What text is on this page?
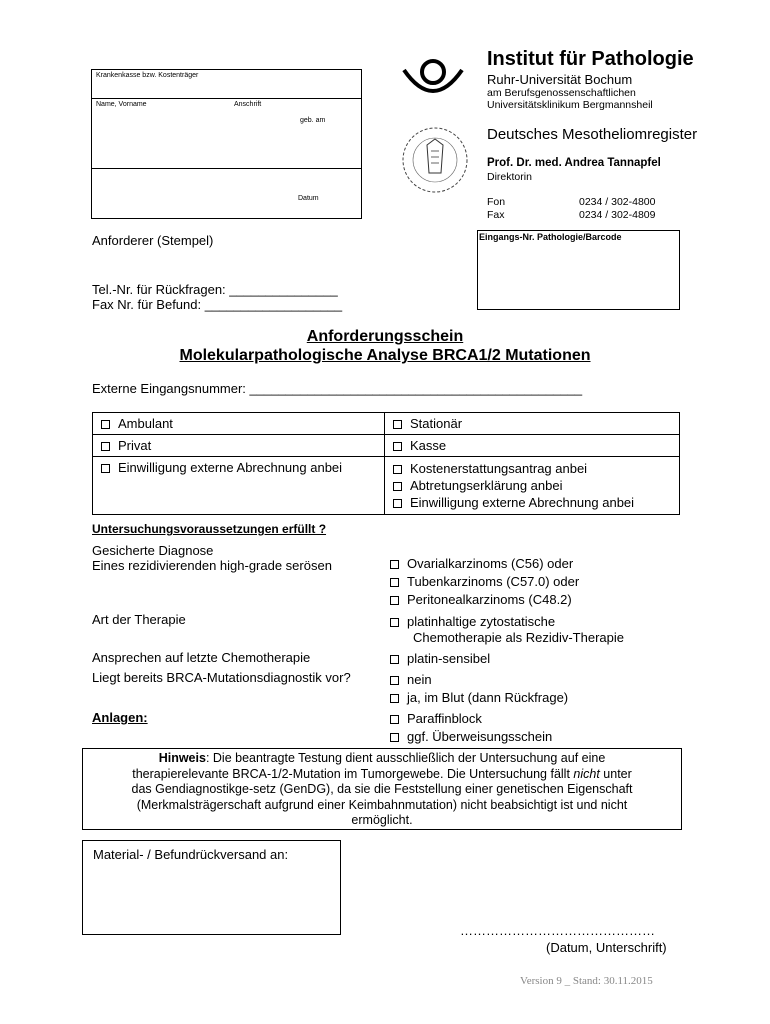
Krankenkasse bzw. Kostenträger
Name, Vorname	Anschrift
geb. am
Datum
Institut für Pathologie
Ruhr-Universität Bochum
am Berufsgenossenschaftlichen
Universitätsklinikum Bergmannsheil
Deutsches Mesotheliomregister
Prof. Dr. med. Andrea Tannapfel
Direktorin
Fon	0234 / 302-4800
Fax	0234 / 302-4809
Anforderer (Stempel)
Tel.-Nr. für Rückfragen: _______________
Fax Nr. für Befund: ___________________
Eingangs-Nr. Pathologie/Barcode
Anforderungsschein
Molekularpathologische Analyse BRCA1/2 Mutationen
Externe Eingangsnummer: ______________________________________________
Ambulant	Stationär
Privat	Kasse
Einwilligung externe Abrechnung anbei	Kostenerstattungsantrag anbei
Abtretungserklärung anbei
Einwilligung externe Abrechnung anbei
Untersuchungsvoraussetzungen erfüllt ?
Gesicherte Diagnose
Eines rezidivierenden high-grade serösen	Ovarialkarzinoms (C56) oder
Tubenkarzinoms (C57.0) oder
Peritonealkarzinoms (C48.2)
Art der Therapie	platinhaltige zytostatische
Chemotherapie als Rezidiv-Therapie
Ansprechen auf letzte Chemotherapie	platin-sensibel
Liegt bereits BRCA-Mutationsdiagnostik vor?	nein
ja, im Blut (dann Rückfrage)
Anlagen:	Paraffinblock
ggf. Überweisungsschein
Hinweis: Die beantragte Testung dient ausschließlich der Untersuchung auf eine
therapierelevante BRCA-1/2-Mutation im Tumorgewebe. Die Untersuchung fällt nicht unter
das Gendiagnostikge-setz (GenDG), da sie die Feststellung einer genetischen Eigenschaft
(Merkmalsträgerschaft aufgrund einer Keimbahnmutation) nicht beabsichtigt ist und nicht
ermöglicht.
Material- / Befundrückversand an:
………………………………………
(Datum, Unterschrift)
Version 9 _ Stand: 30.11.2015
